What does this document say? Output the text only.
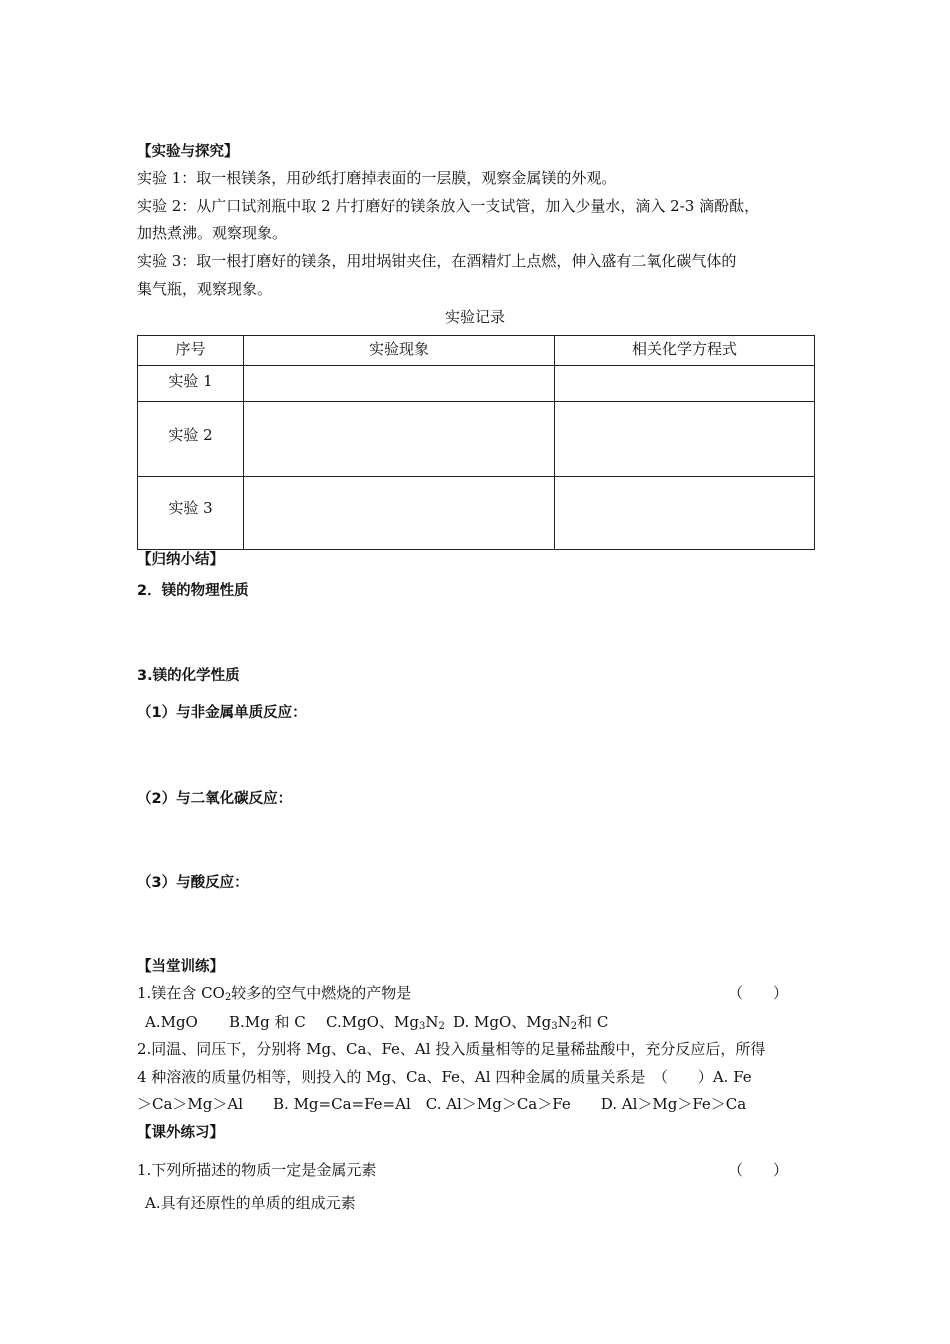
【实验与探究】
实验 1：取一根镁条，用砂纸打磨掉表面的一层膜，观察金属镁的外观。
实验 2：从广口试剂瓶中取 2 片打磨好的镁条放入一支试管，加入少量水，滴入 2-3 滴酚酞，
加热煮沸。观察现象。
实验 3：取一根打磨好的镁条，用坩埚钳夹住，在酒精灯上点燃，伸入盛有二氧化碳气体的
集气瓶，观察现象。
实验记录
序号	实验现象	相关化学方程式
实验 1		
实验 2		
实验 3		
【归纳小结】
2．镁的物理性质
3.镁的化学性质
（1）与非金属单质反应：
（2）与二氧化碳反应：
（3）与酸反应：
【当堂训练】
1.镁在含 $CO_2$较多的空气中燃烧的产物是	（　　）
A.MgO B.Mg 和 C C.MgO、$Mg_3N_2$ D. MgO、$Mg_3N_2$和 C
2.同温、同压下，分别将 Mg、Ca、Fe、Al 投入质量相等的足量稀盐酸中，充分反应后，所得
4 种溶液的质量仍相等，则投入的 Mg、Ca、Fe、Al 四种金属的质量关系是　（　　）A. Fe
＞Ca＞Mg＞Al　　B. Mg=Ca=Fe=Al　C. Al＞Mg＞Ca＞Fe　　D. Al＞Mg＞Fe＞Ca
【课外练习】
1.下列所描述的物质一定是金属元素	（　　）
A.具有还原性的单质的组成元素
